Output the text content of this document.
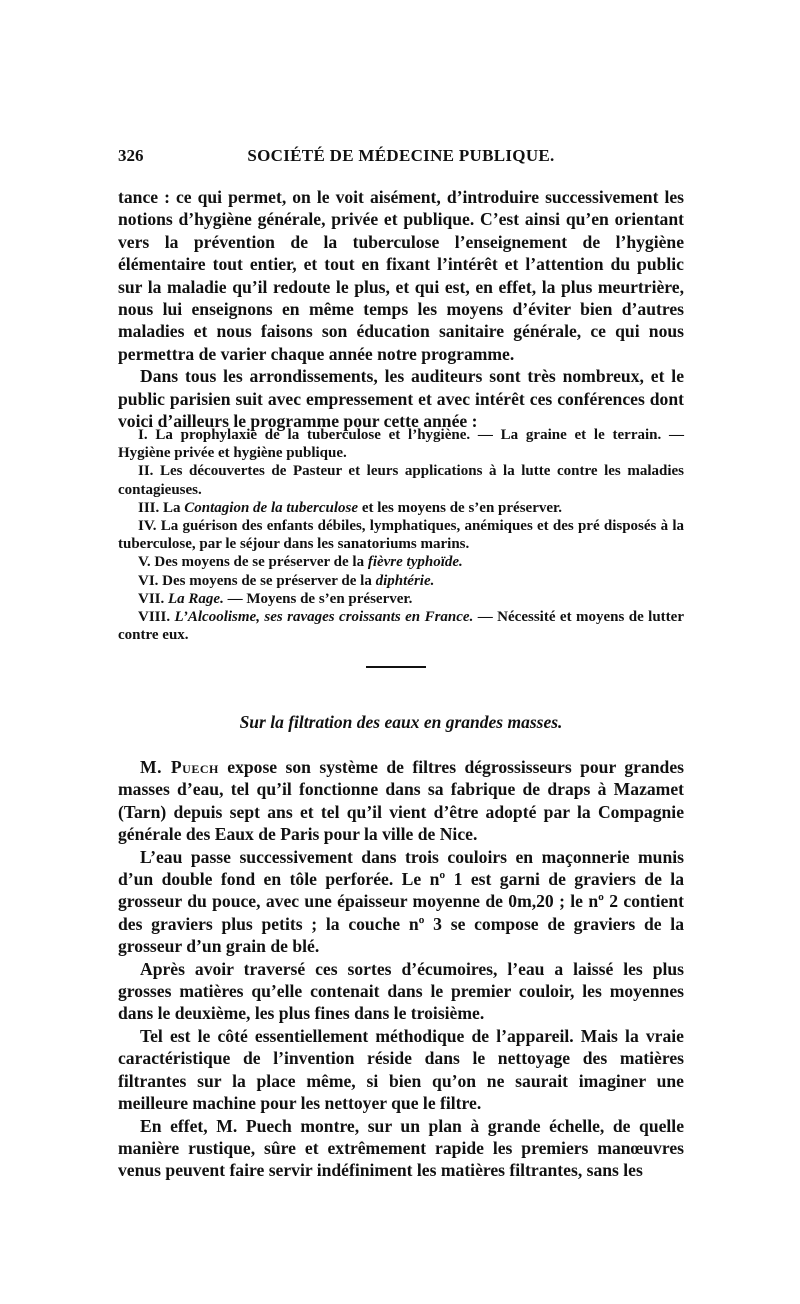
326	SOCIÉTÉ DE MÉDECINE PUBLIQUE.

tance : ce qui permet, on le voit aisément, d’introduire successivement les notions d’hygiène générale, privée et publique. C’est ainsi qu’en orientant vers la prévention de la tuberculose l’enseignement de l’hygiène élémentaire tout entier, et tout en fixant l’intérêt et l’attention du public sur la maladie qu’il redoute le plus, et qui est, en effet, la plus meurtrière, nous lui enseignons en même temps les moyens d’éviter bien d’autres maladies et nous faisons son éducation sanitaire générale, ce qui nous permettra de varier chaque année notre programme.

Dans tous les arrondissements, les auditeurs sont très nombreux, et le public parisien suit avec empressement et avec intérêt ces conférences dont voici d’ailleurs le programme pour cette année :

I. La prophylaxie de la tuberculose et l’hygiène. — La graine et le terrain. — Hygiène privée et hygiène publique.

II. Les découvertes de Pasteur et leurs applications à la lutte contre les maladies contagieuses.

III. La Contagion de la tuberculose et les moyens de s’en préserver.

IV. La guérison des enfants débiles, lymphatiques, anémiques et des pré disposés à la tuberculose, par le séjour dans les sanatoriums marins.

V. Des moyens de se préserver de la fièvre typhoïde.

VI. Des moyens de se préserver de la diphtérie.

VII. La Rage. — Moyens de s’en préserver.

VIII. L’Alcoolisme, ses ravages croissants en France. — Nécessité et moyens de lutter contre eux.

Sur la filtration des eaux en grandes masses.

M. Puech expose son système de filtres dégrossisseurs pour grandes masses d’eau, tel qu’il fonctionne dans sa fabrique de draps à Mazamet (Tarn) depuis sept ans et tel qu’il vient d’être adopté par la Compagnie générale des Eaux de Paris pour la ville de Nice.

L’eau passe successivement dans trois couloirs en maçonnerie munis d’un double fond en tôle perforée. Le nº 1 est garni de graviers de la grosseur du pouce, avec une épaisseur moyenne de 0m,20 ; le nº 2 contient des graviers plus petits ; la couche nº 3 se compose de graviers de la grosseur d’un grain de blé.

Après avoir traversé ces sortes d’écumoires, l’eau a laissé les plus grosses matières qu’elle contenait dans le premier couloir, les moyennes dans le deuxième, les plus fines dans le troisième.

Tel est le côté essentiellement méthodique de l’appareil. Mais la vraie caractéristique de l’invention réside dans le nettoyage des matières filtrantes sur la place même, si bien qu’on ne saurait imaginer une meilleure machine pour les nettoyer que le filtre.

En effet, M. Puech montre, sur un plan à grande échelle, de quelle manière rustique, sûre et extrêmement rapide les premiers manœuvres venus peuvent faire servir indéfiniment les matières filtrantes, sans les
